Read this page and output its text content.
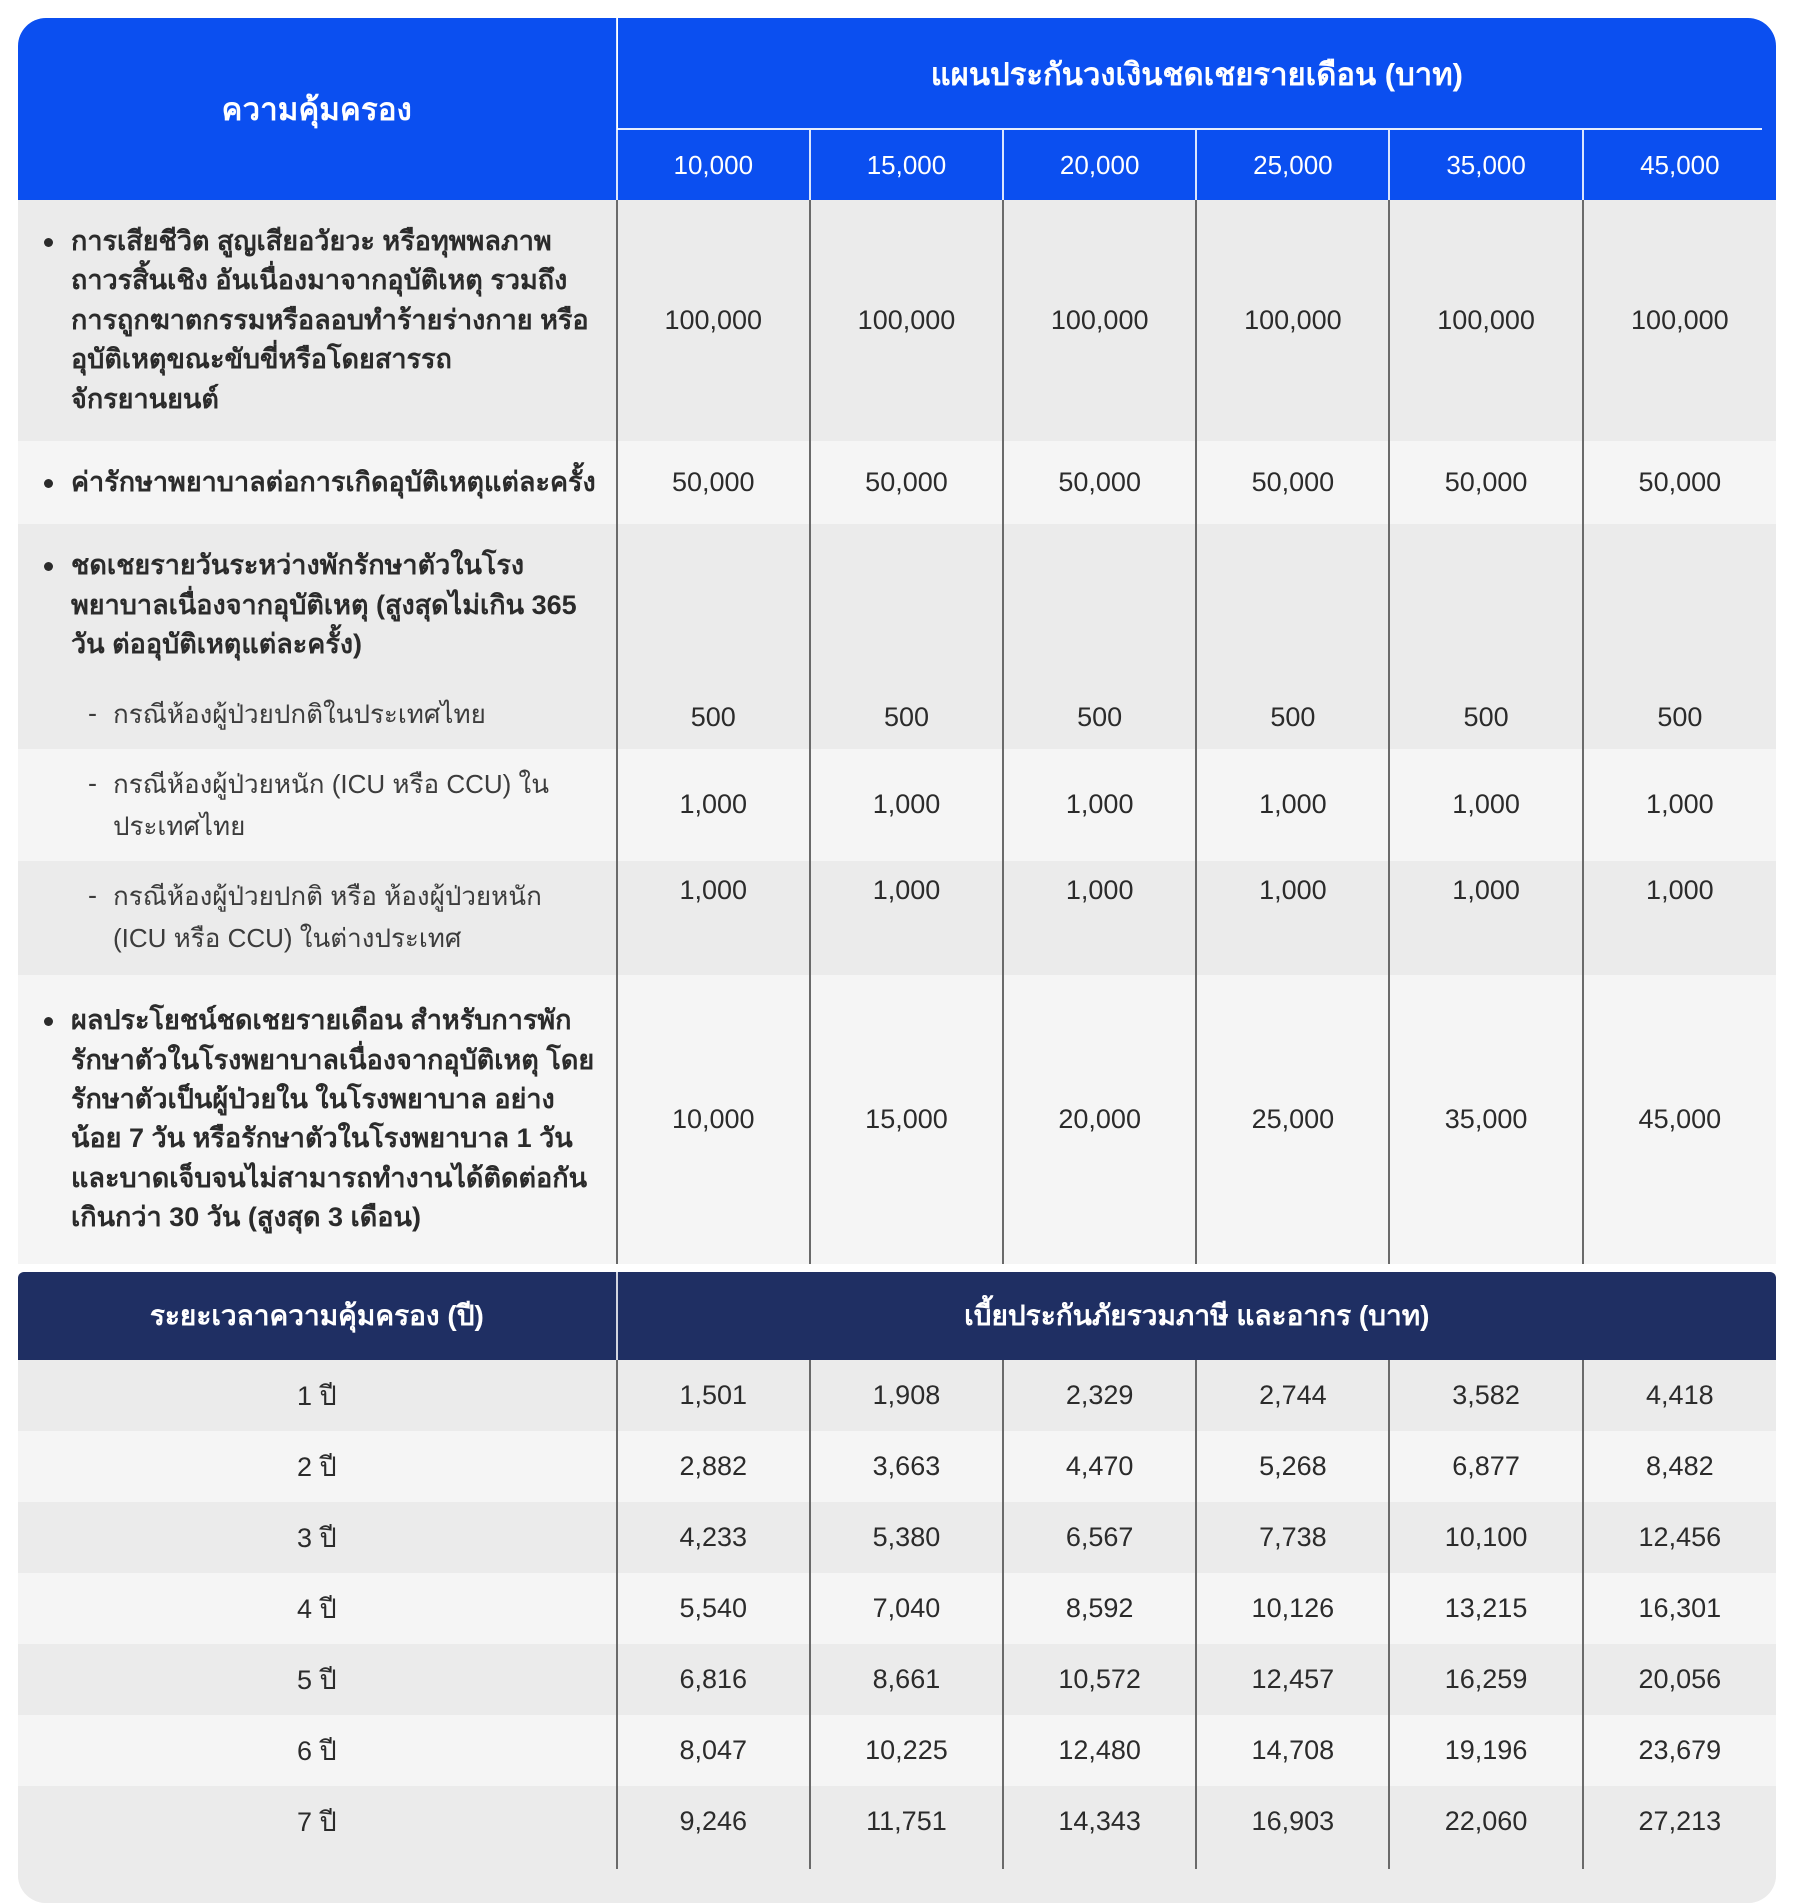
ความคุ้มครอง	แผนประกันวงเงินชดเชยรายเดือน (บาท)					

	10,000	15,000	20,000	25,000	35,000	45,000

การเสียชีวิต สูญเสียอวัยวะ หรือทุพพลภาพถาวรสิ้นเชิง อันเนื่องมาจากอุบัติเหตุ รวมถึงการถูกฆาตกรรมหรือลอบทำร้ายร่างกาย หรืออุบัติเหตุขณะขับขี่หรือโดยสารรถจักรยานยนต์	100,000	100,000	100,000	100,000	100,000	100,000

ค่ารักษาพยาบาลต่อการเกิดอุบัติเหตุแต่ละครั้ง	50,000	50,000	50,000	50,000	50,000	50,000

ชดเชยรายวันระหว่างพักรักษาตัวในโรงพยาบาลเนื่องจากอุบัติเหตุ (สูงสุดไม่เกิน 365 วัน ต่ออุบัติเหตุแต่ละครั้ง)						

- กรณีห้องผู้ป่วยปกติในประเทศไทย	500	500	500	500	500	500

- กรณีห้องผู้ป่วยหนัก (ICU หรือ CCU) ในประเทศไทย	1,000	1,000	1,000	1,000	1,000	1,000

- กรณีห้องผู้ป่วยปกติ หรือ ห้องผู้ป่วยหนัก (ICU หรือ CCU) ในต่างประเทศ	1,000	1,000	1,000	1,000	1,000	1,000

ผลประโยชน์ชดเชยรายเดือน สำหรับการพักรักษาตัวในโรงพยาบาลเนื่องจากอุบัติเหตุ โดยรักษาตัวเป็นผู้ป่วยใน ในโรงพยาบาล อย่างน้อย 7 วัน หรือรักษาตัวในโรงพยาบาล 1 วัน และบาดเจ็บจนไม่สามารถทำงานได้ติดต่อกันเกินกว่า 30 วัน (สูงสุด 3 เดือน)	10,000	15,000	20,000	25,000	35,000	45,000
ระยะเวลาความคุ้มครอง (ปี)	เบี้ยประกันภัยรวมภาษี และอากร (บาท)					
1 ปี	1,501	1,908	2,329	2,744	3,582	4,418
2 ปี	2,882	3,663	4,470	5,268	6,877	8,482
3 ปี	4,233	5,380	6,567	7,738	10,100	12,456
4 ปี	5,540	7,040	8,592	10,126	13,215	16,301
5 ปี	6,816	8,661	10,572	12,457	16,259	20,056
6 ปี	8,047	10,225	12,480	14,708	19,196	23,679
7 ปี	9,246	11,751	14,343	16,903	22,060	27,213
